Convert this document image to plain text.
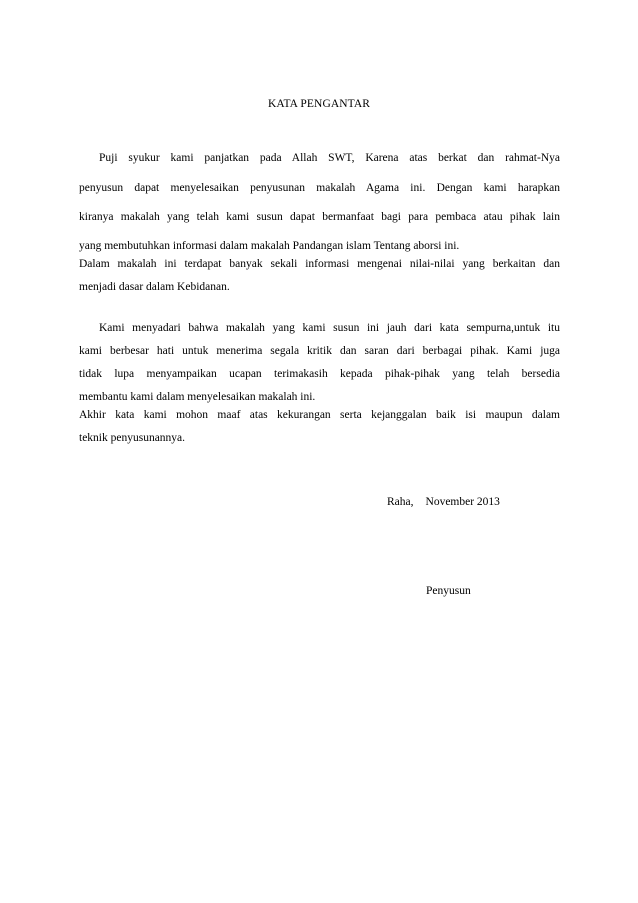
KATA PENGANTAR
Puji syukur kami panjatkan pada Allah SWT, Karena atas berkat dan rahmat-Nya
penyusun dapat menyelesaikan penyusunan makalah Agama ini. Dengan kami harapkan
kiranya makalah yang telah kami susun dapat bermanfaat bagi para pembaca atau pihak lain
yang membutuhkan informasi dalam makalah Pandangan islam Tentang aborsi ini.
Dalam makalah ini terdapat banyak sekali informasi mengenai nilai-nilai yang berkaitan dan
menjadi dasar dalam Kebidanan.
Kami menyadari bahwa makalah yang kami susun ini jauh dari kata sempurna,untuk itu
kami berbesar hati untuk menerima segala kritik dan saran dari berbagai pihak. Kami juga
tidak lupa menyampaikan ucapan terimakasih kepada pihak-pihak yang telah bersedia
membantu kami dalam menyelesaikan makalah ini.
Akhir kata kami mohon maaf atas kekurangan serta kejanggalan baik isi maupun dalam
teknik penyusunannya.
Raha, November 2013
Penyusun
